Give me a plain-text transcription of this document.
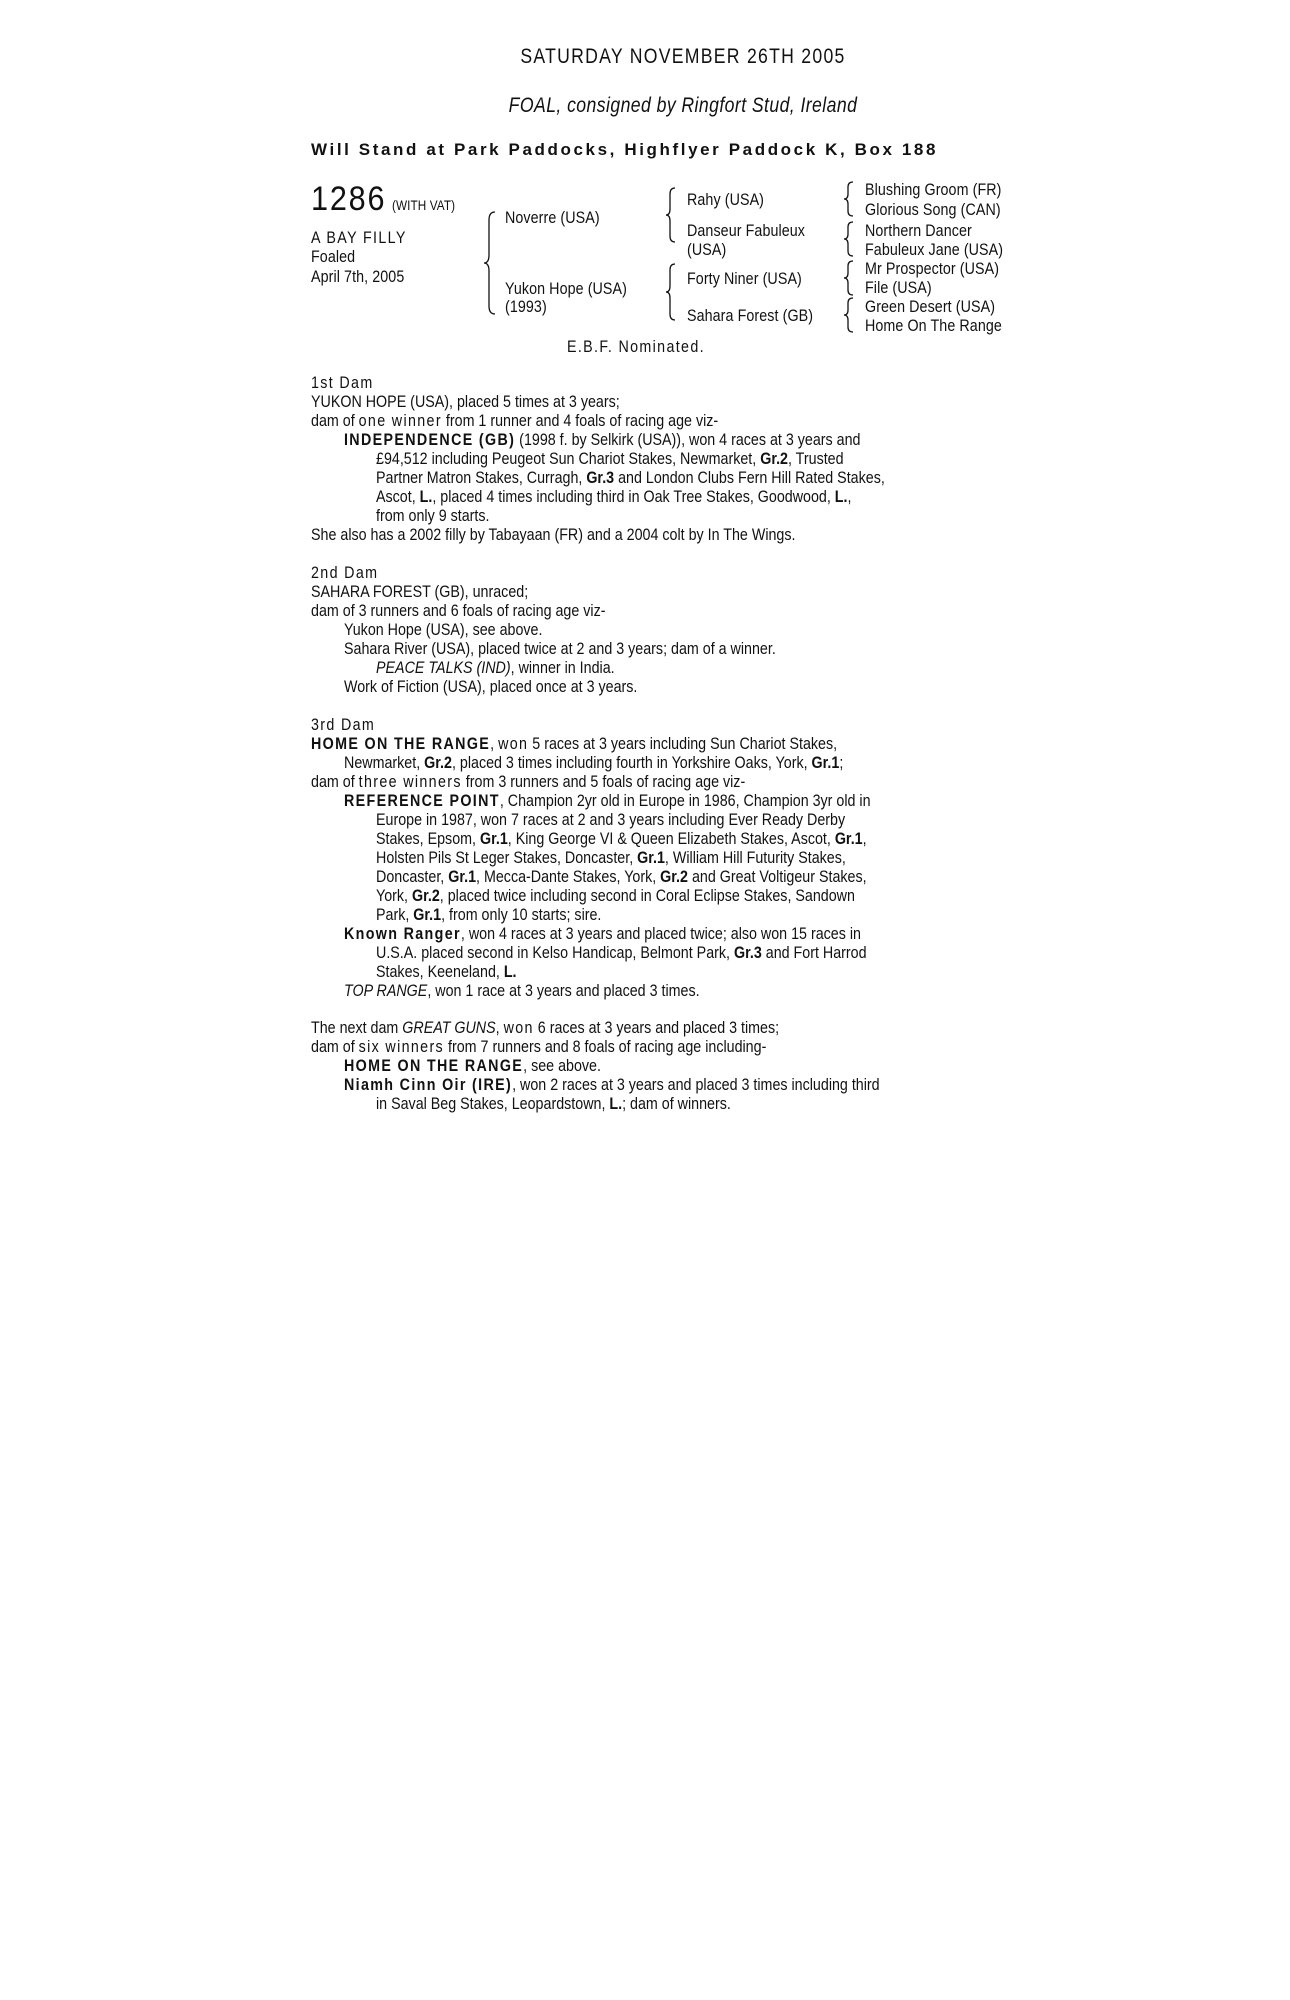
SATURDAY NOVEMBER 26TH 2005
FOAL, consigned by Ringfort Stud, Ireland
Will Stand at Park Paddocks, Highflyer Paddock K, Box 188
1286 (WITH VAT)
A BAY FILLY
Foaled
April 7th, 2005
Noverre (USA)
Yukon Hope (USA)
(1993)
Rahy (USA)
Danseur Fabuleux
(USA)
Forty Niner (USA)
Sahara Forest (GB)
Blushing Groom (FR)
Glorious Song (CAN)
Northern Dancer
Fabuleux Jane (USA)
Mr Prospector (USA)
File (USA)
Green Desert (USA)
Home On The Range
E.B.F. Nominated.
1st Dam
YUKON HOPE (USA), placed 5 times at 3 years;
dam of one winner from 1 runner and 4 foals of racing age viz-
INDEPENDENCE (GB) (1998 f. by Selkirk (USA)), won 4 races at 3 years and
£94,512 including Peugeot Sun Chariot Stakes, Newmarket, Gr.2, Trusted
Partner Matron Stakes, Curragh, Gr.3 and London Clubs Fern Hill Rated Stakes,
Ascot, L., placed 4 times including third in Oak Tree Stakes, Goodwood, L.,
from only 9 starts.
She also has a 2002 filly by Tabayaan (FR) and a 2004 colt by In The Wings.
2nd Dam
SAHARA FOREST (GB), unraced;
dam of 3 runners and 6 foals of racing age viz-
Yukon Hope (USA), see above.
Sahara River (USA), placed twice at 2 and 3 years; dam of a winner.
PEACE TALKS (IND), winner in India.
Work of Fiction (USA), placed once at 3 years.
3rd Dam
HOME ON THE RANGE, won 5 races at 3 years including Sun Chariot Stakes,
Newmarket, Gr.2, placed 3 times including fourth in Yorkshire Oaks, York, Gr.1;
dam of three winners from 3 runners and 5 foals of racing age viz-
REFERENCE POINT, Champion 2yr old in Europe in 1986, Champion 3yr old in
Europe in 1987, won 7 races at 2 and 3 years including Ever Ready Derby
Stakes, Epsom, Gr.1, King George VI & Queen Elizabeth Stakes, Ascot, Gr.1,
Holsten Pils St Leger Stakes, Doncaster, Gr.1, William Hill Futurity Stakes,
Doncaster, Gr.1, Mecca-Dante Stakes, York, Gr.2 and Great Voltigeur Stakes,
York, Gr.2, placed twice including second in Coral Eclipse Stakes, Sandown
Park, Gr.1, from only 10 starts; sire.
Known Ranger, won 4 races at 3 years and placed twice; also won 15 races in
U.S.A. placed second in Kelso Handicap, Belmont Park, Gr.3 and Fort Harrod
Stakes, Keeneland, L.
TOP RANGE, won 1 race at 3 years and placed 3 times.
The next dam GREAT GUNS, won 6 races at 3 years and placed 3 times;
dam of six winners from 7 runners and 8 foals of racing age including-
HOME ON THE RANGE, see above.
Niamh Cinn Oir (IRE), won 2 races at 3 years and placed 3 times including third
in Saval Beg Stakes, Leopardstown, L.; dam of winners.
